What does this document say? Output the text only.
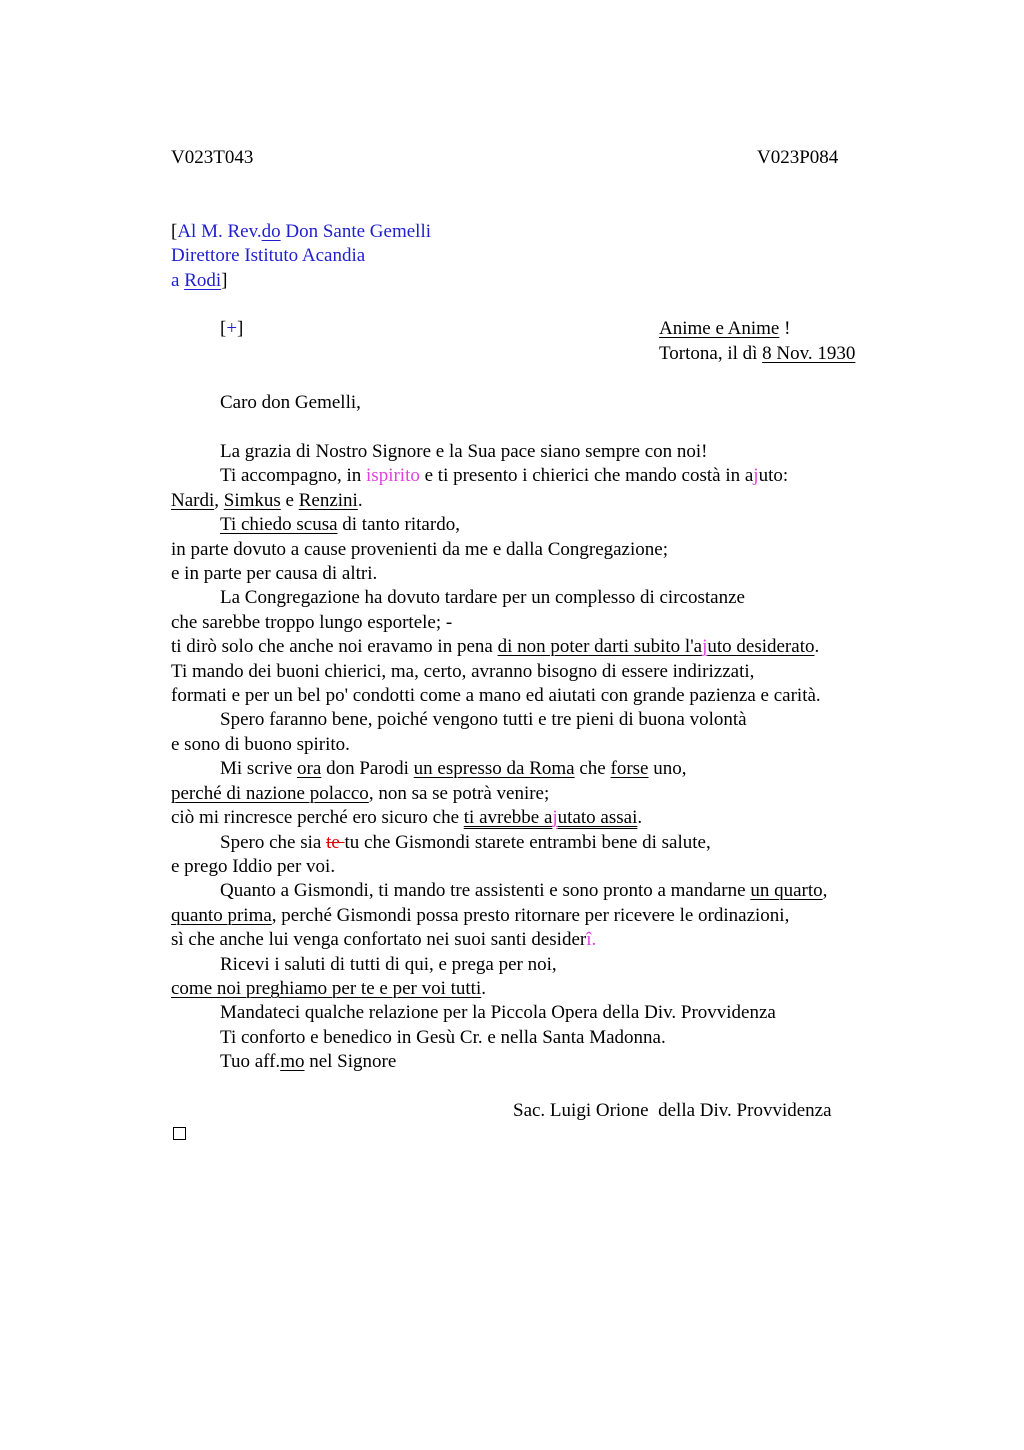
V023T043	V023P084
[Al M. Rev.do Don Sante Gemelli
Direttore Istituto Acandia
a Rodi]
[+]	Anime e Anime !
Tortona, il dì 8 Nov. 1930
Caro don Gemelli,
La grazia di Nostro Signore e la Sua pace siano sempre con noi!
Ti accompagno, in ispirito e ti presento i chierici che mando costà in ajuto:
Nardi, Simkus e Renzini.
Ti chiedo scusa di tanto ritardo,
in parte dovuto a cause provenienti da me e dalla Congregazione;
e in parte per causa di altri.
La Congregazione ha dovuto tardare per un complesso di circostanze
che sarebbe troppo lungo esportele; -
ti dirò solo che anche noi eravamo in pena di non poter darti subito l'ajuto desiderato.
Ti mando dei buoni chierici, ma, certo, avranno bisogno di essere indirizzati,
formati e per un bel po' condotti come a mano ed aiutati con grande pazienza e carità.
Spero faranno bene, poiché vengono tutti e tre pieni di buona volontà
e sono di buono spirito.
Mi scrive ora don Parodi un espresso da Roma che forse uno,
perché di nazione polacco, non sa se potrà venire;
ciò mi rincresce perché ero sicuro che ti avrebbe ajutato assai.
Spero che sia te tu che Gismondi starete entrambi bene di salute,
e prego Iddio per voi.
Quanto a Gismondi, ti mando tre assistenti e sono pronto a mandarne un quarto,
quanto prima, perché Gismondi possa presto ritornare per ricevere le ordinazioni,
sì che anche lui venga confortato nei suoi santi desiderî.
Ricevi i saluti di tutti di qui, e prega per noi,
come noi preghiamo per te e per voi tutti.
Mandateci qualche relazione per la Piccola Opera della Div. Provvidenza
Ti conforto e benedico in Gesù Cr. e nella Santa Madonna.
Tuo aff.mo nel Signore
Sac. Luigi Orione  della Div. Provvidenza
